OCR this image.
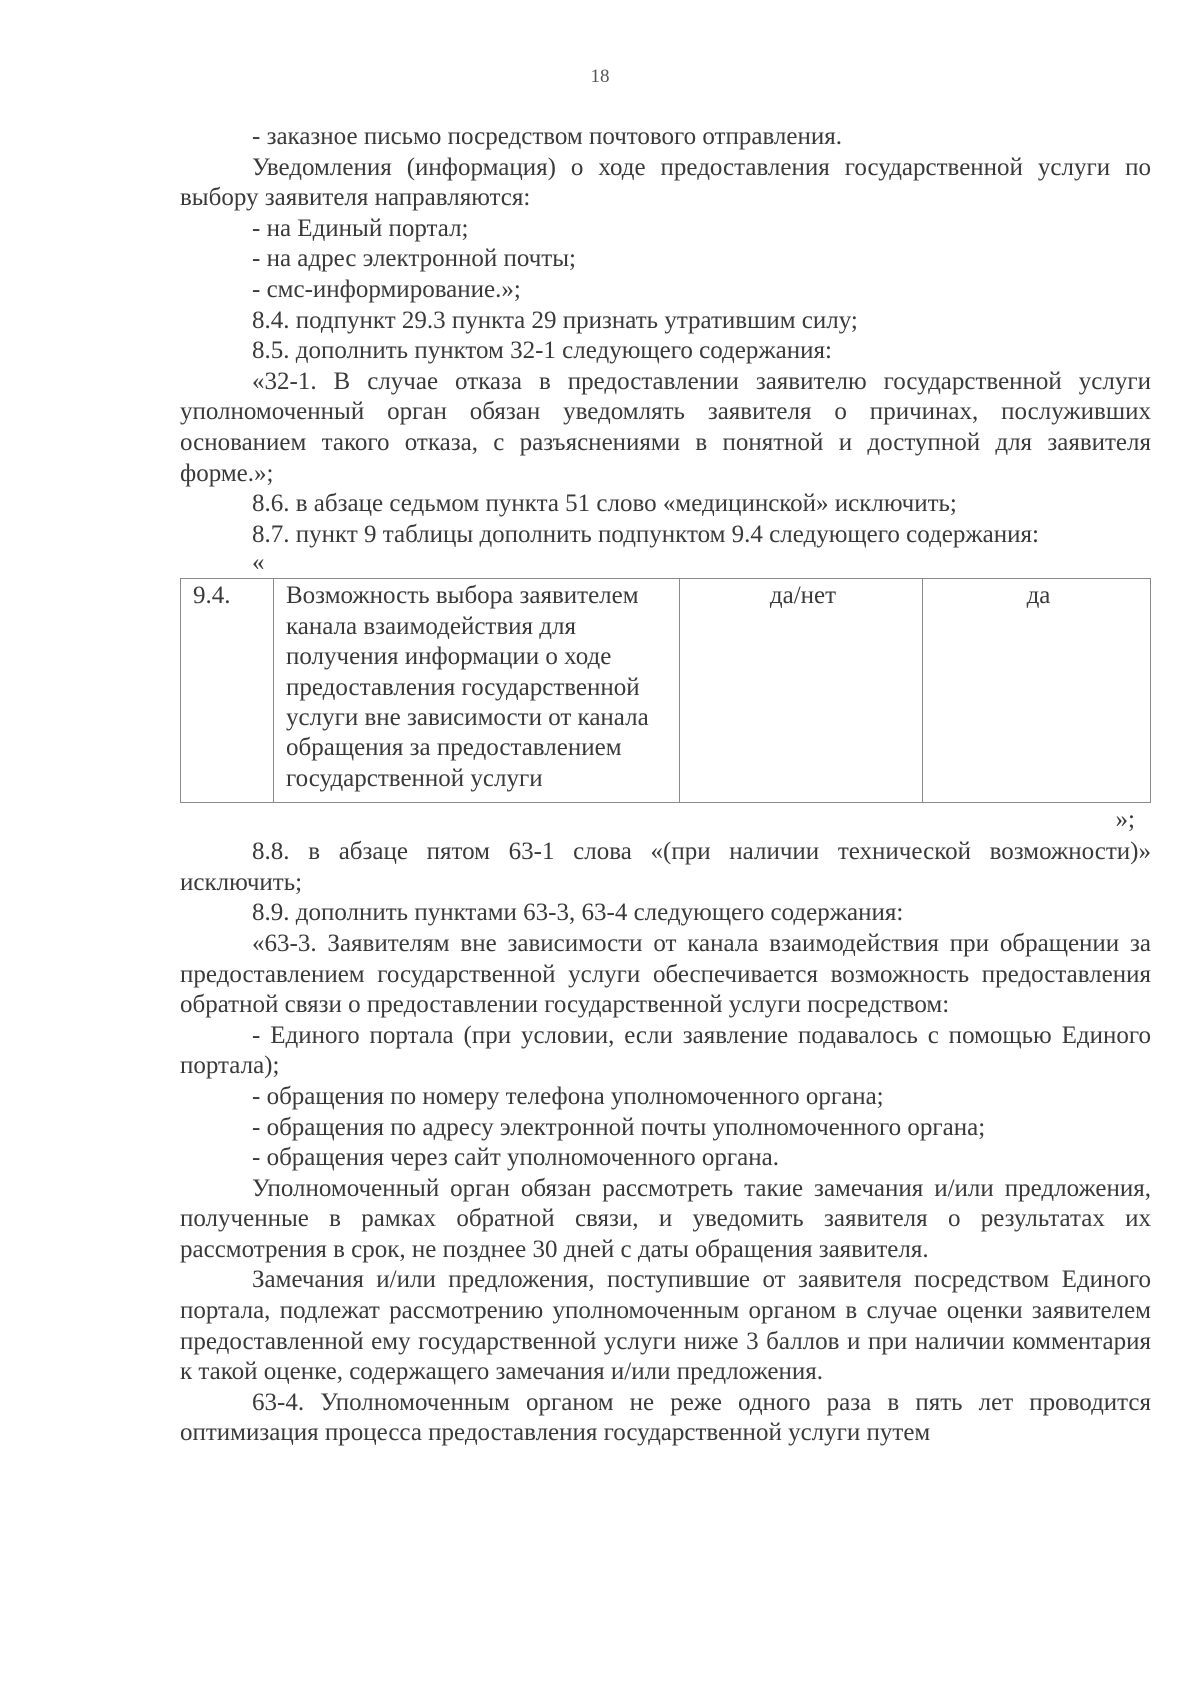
18

- заказное письмо посредством почтового отправления.

Уведомления (информация) о ходе предоставления государственной услуги по выбору заявителя направляются:

- на Единый портал;

- на адрес электронной почты;

- смс-информирование.»;

8.4. подпункт 29.3 пункта 29 признать утратившим силу;

8.5. дополнить пунктом 32-1 следующего содержания:

«32-1. В случае отказа в предоставлении заявителю государственной услуги уполномоченный орган обязан уведомлять заявителя о причинах, послуживших основанием такого отказа, с разъяснениями в понятной и доступной для заявителя форме.»;

8.6. в абзаце седьмом пункта 51 слово «медицинской» исключить;

8.7. пункт 9 таблицы дополнить подпунктом 9.4 следующего содержания:

«

9.4.	Возможность выбора заявителем канала взаимодействия для получения информации о ходе предоставления государственной услуги вне зависимости от канала обращения за предоставлением государственной услуги	да/нет	да

»;

8.8. в абзаце пятом 63-1 слова «(при наличии технической возможности)» исключить;

8.9. дополнить пунктами 63-3, 63-4 следующего содержания:

«63-3. Заявителям вне зависимости от канала взаимодействия при обращении за предоставлением государственной услуги обеспечивается возможность предоставления обратной связи о предоставлении государственной услуги посредством:

- Единого портала (при условии, если заявление подавалось с помощью Единого портала);

- обращения по номеру телефона уполномоченного органа;

- обращения по адресу электронной почты уполномоченного органа;

- обращения через сайт уполномоченного органа.

Уполномоченный орган обязан рассмотреть такие замечания и/или предложения, полученные в рамках обратной связи, и уведомить заявителя о результатах их рассмотрения в срок, не позднее 30 дней с даты обращения заявителя.

Замечания и/или предложения, поступившие от заявителя посредством Единого портала, подлежат рассмотрению уполномоченным органом в случае оценки заявителем предоставленной ему государственной услуги ниже 3 баллов и при наличии комментария к такой оценке, содержащего замечания и/или предложения.

63-4. Уполномоченным органом не реже одного раза в пять лет проводится оптимизация процесса предоставления государственной услуги путем
